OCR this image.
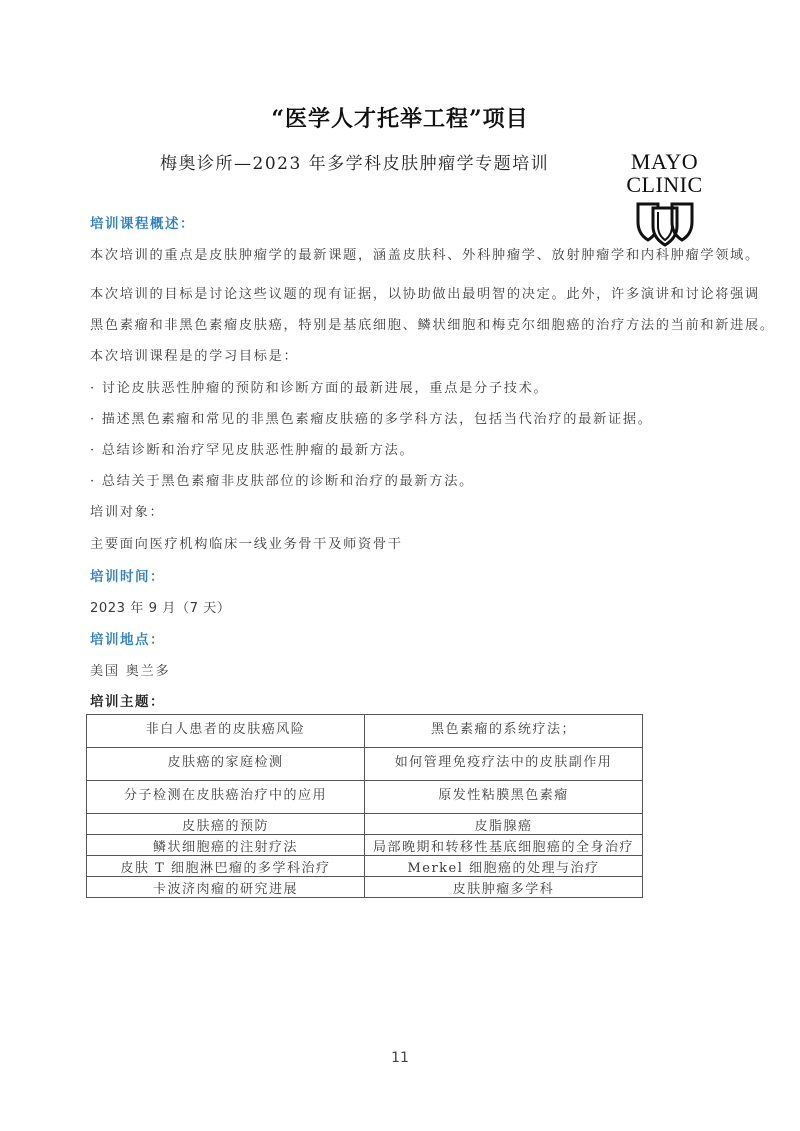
“医学人才托举工程”项目
梅奥诊所—2023 年多学科皮肤肿瘤学专题培训	MAYO
CLINIC
培训课程概述：
本次培训的重点是皮肤肿瘤学的最新课题，涵盖皮肤科、外科肿瘤学、放射肿瘤学和内科肿瘤学领域。
本次培训的目标是讨论这些议题的现有证据，以协助做出最明智的决定。此外，许多演讲和讨论将强调
黑色素瘤和非黑色素瘤皮肤癌，特别是基底细胞、鳞状细胞和梅克尔细胞癌的治疗方法的当前和新进展。
本次培训课程是的学习目标是：
· 讨论皮肤恶性肿瘤的预防和诊断方面的最新进展，重点是分子技术。
· 描述黑色素瘤和常见的非黑色素瘤皮肤癌的多学科方法，包括当代治疗的最新证据。
· 总结诊断和治疗罕见皮肤恶性肿瘤的最新方法。
· 总结关于黑色素瘤非皮肤部位的诊断和治疗的最新方法。
培训对象：
主要面向医疗机构临床一线业务骨干及师资骨干
培训时间：
2023 年 9 月（7 天）
培训地点：
美国 奥兰多
培训主题：
非白人患者的皮肤癌风险	黑色素瘤的系统疗法；
皮肤癌的家庭检测	如何管理免疫疗法中的皮肤副作用
分子检测在皮肤癌治疗中的应用	原发性粘膜黑色素瘤
皮肤癌的预防	皮脂腺癌
鳞状细胞癌的注射疗法	局部晚期和转移性基底细胞癌的全身治疗
皮肤 T 细胞淋巴瘤的多学科治疗	Merkel 细胞癌的处理与治疗
卡波济肉瘤的研究进展	皮肤肿瘤多学科
11
